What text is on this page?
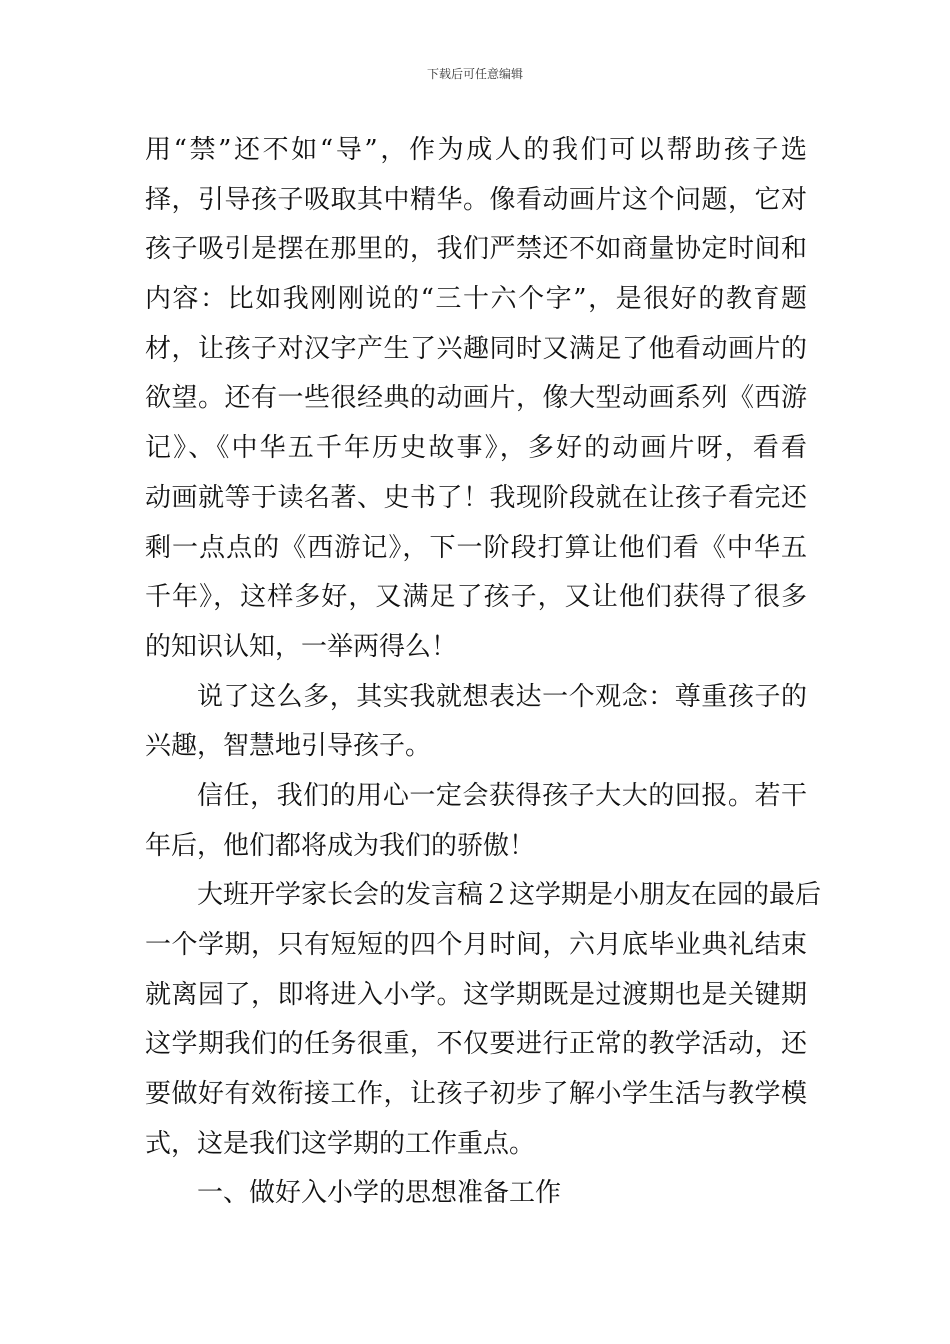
下载后可任意编辑
用“禁”还不如“导”，作为成人的我们可以帮助孩子选
择，引导孩子吸取其中精华。像看动画片这个问题，它对
孩子吸引是摆在那里的，我们严禁还不如商量协定时间和
内容：比如我刚刚说的“三十六个字”，是很好的教育题
材，让孩子对汉字产生了兴趣同时又满足了他看动画片的
欲望。还有一些很经典的动画片，像大型动画系列《西游
记》、《中华五千年历史故事》，多好的动画片呀，看看
动画就等于读名著、史书了！我现阶段就在让孩子看完还
剩一点点的《西游记》，下一阶段打算让他们看《中华五
千年》，这样多好，又满足了孩子，又让他们获得了很多
的知识认知，一举两得么！
说了这么多，其实我就想表达一个观念：尊重孩子的
兴趣，智慧地引导孩子。
信任，我们的用心一定会获得孩子大大的回报。若干
年后，他们都将成为我们的骄傲！
大班开学家长会的发言稿２这学期是小朋友在园的最后
一个学期，只有短短的四个月时间，六月底毕业典礼结束
就离园了，即将进入小学。这学期既是过渡期也是关键期
这学期我们的任务很重，不仅要进行正常的教学活动，还
要做好有效衔接工作，让孩子初步了解小学生活与教学模
式，这是我们这学期的工作重点。
一、做好入小学的思想准备工作
